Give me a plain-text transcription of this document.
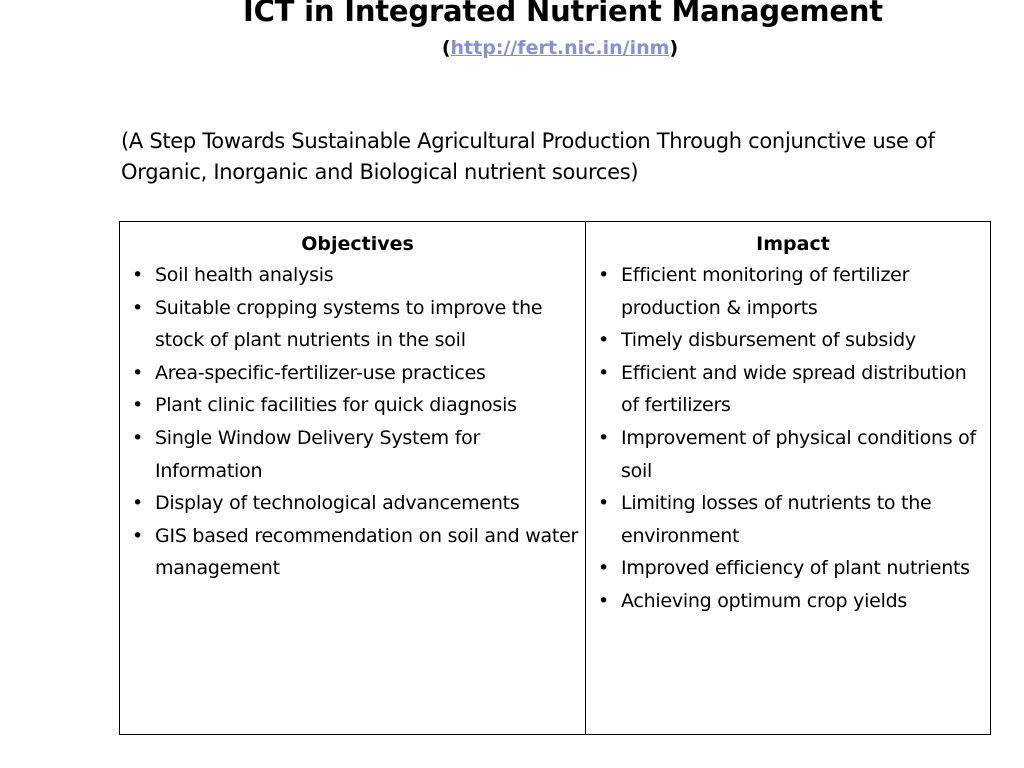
ICT in Integrated Nutrient Management
(http://fert.nic.in/inm)
(A Step Towards Sustainable Agricultural Production Through conjunctive use of Organic, Inorganic and Biological nutrient sources)
Objectives
• Soil health analysis
• Suitable cropping systems to improve the stock of plant nutrients in the soil
• Area-specific-fertilizer-use practices
• Plant clinic facilities for quick diagnosis
• Single Window Delivery System for Information
• Display of technological advancements
• GIS based recommendation on soil and water management
Impact
• Efficient monitoring of fertilizer production & imports
• Timely disbursement of subsidy
• Efficient and wide spread distribution of fertilizers
• Improvement of physical conditions of soil
• Limiting losses of nutrients to the environment
• Improved efficiency of plant nutrients
• Achieving optimum crop yields
